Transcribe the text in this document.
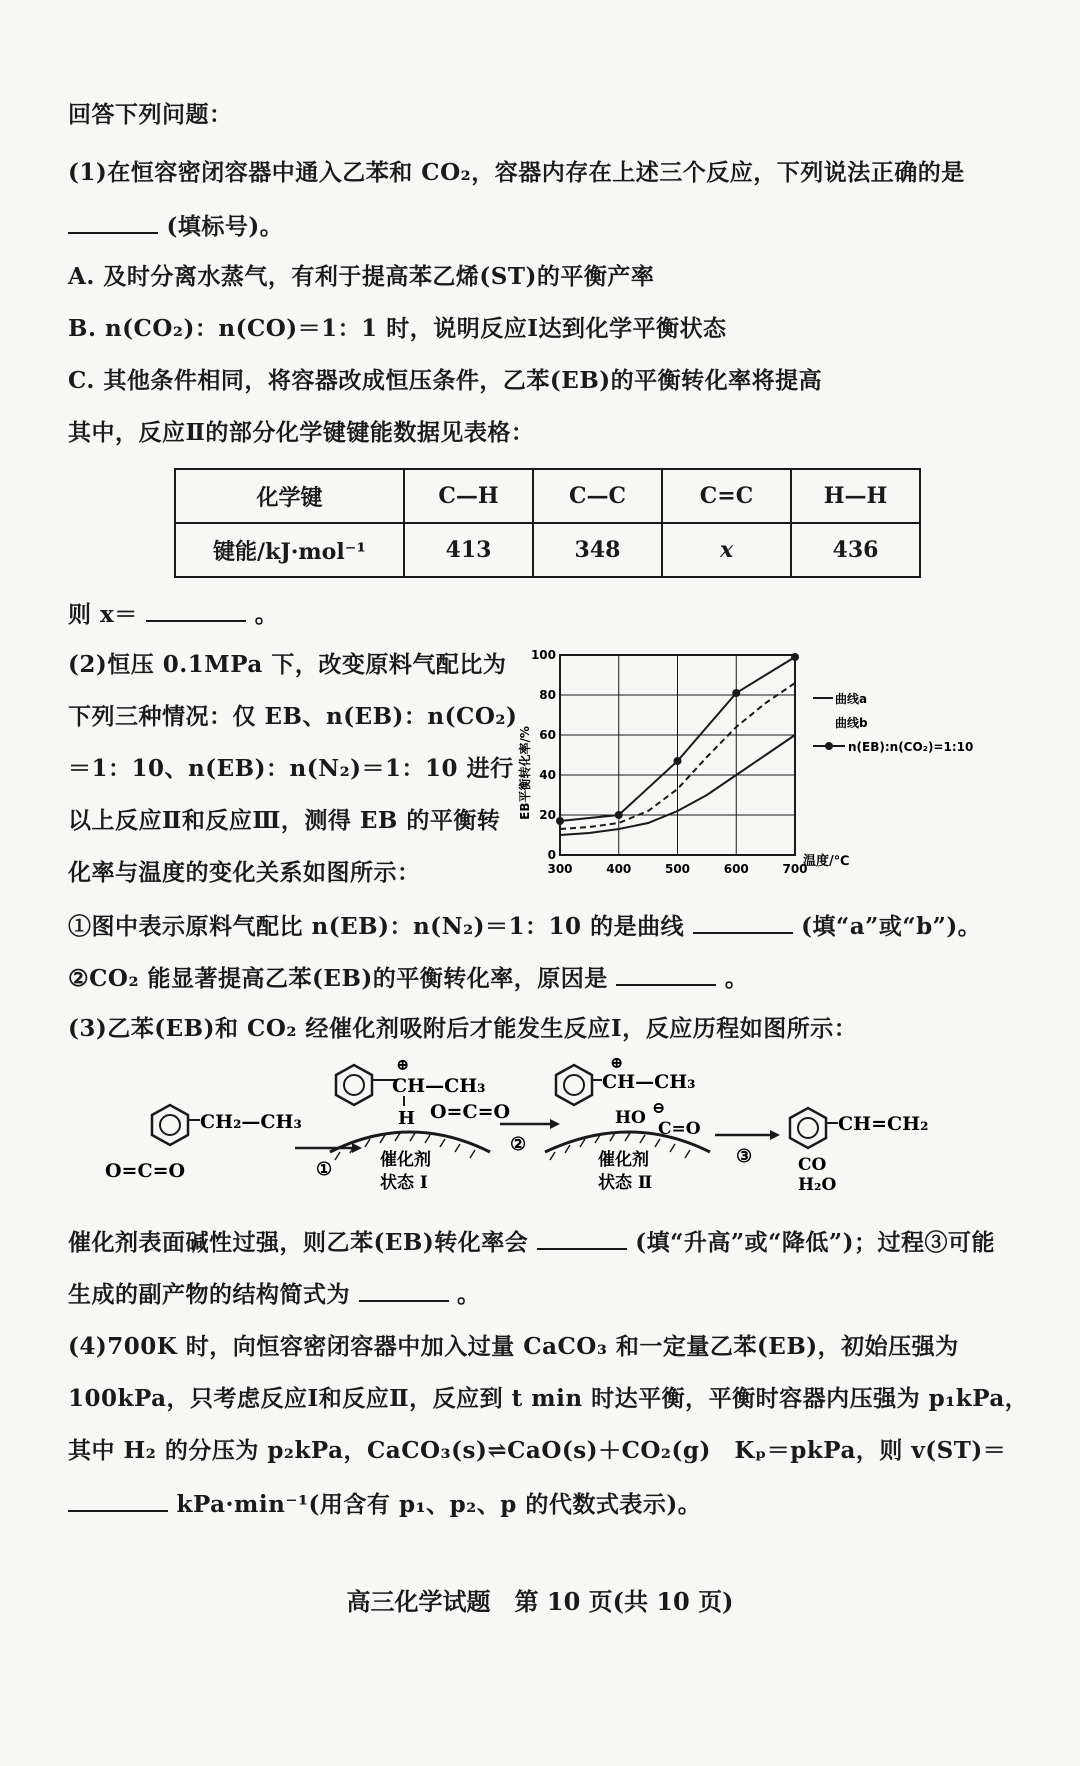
回答下列问题：
(1)在恒容密闭容器中通入乙苯和 CO₂，容器内存在上述三个反应，下列说法正确的是
(填标号)。
A. 及时分离水蒸气，有利于提高苯乙烯(ST)的平衡产率
B. n(CO₂)：n(CO)＝1：1 时，说明反应Ⅰ达到化学平衡状态
C. 其他条件相同，将容器改成恒压条件，乙苯(EB)的平衡转化率将提高
其中，反应Ⅱ的部分化学键键能数据见表格：
化学键	C—H	C—C	C=C	H—H
键能/kJ·mol⁻¹	413	348	x	436
则 x＝	。
(2)恒压 0.1MPa 下，改变原料气配比为
下列三种情况：仅 EB、n(EB)：n(CO₂)
＝1：10、n(EB)：n(N₂)＝1：10 进行
以上反应Ⅱ和反应Ⅲ，测得 EB 的平衡转
化率与温度的变化关系如图所示：	300	400	500	600	700
0
20
40
60
80
100
EB平衡转化率/%
温度/℃
曲线a
曲线b
n(EB):n(CO₂)=1:10
①图中表示原料气配比 n(EB)：n(N₂)＝1：10 的是曲线	(填“a”或“b”)。
②CO₂ 能显著提高乙苯(EB)的平衡转化率，原因是	。
(3)乙苯(EB)和 CO₂ 经催化剂吸附后才能发生反应Ⅰ，反应历程如图所示：
CH₂—CH₃
O=C=O	①
⊕
CH—CH₃
H O=C=O
催化剂
状态 Ⅰ
②
⊕
CH—CH₃
HO
⊖
C=O
催化剂
状态 Ⅱ
③
CH=CH₂
CO
H₂O
催化剂表面碱性过强，则乙苯(EB)转化率会	(填“升高”或“降低”)；过程③可能
生成的副产物的结构简式为	。
(4)700K 时，向恒容密闭容器中加入过量 CaCO₃ 和一定量乙苯(EB)，初始压强为
100kPa，只考虑反应Ⅰ和反应Ⅱ，反应到 t min 时达平衡，平衡时容器内压强为 p₁kPa，
其中 H₂ 的分压为 p₂kPa，CaCO₃(s)⇌CaO(s)＋CO₂(g)　Kₚ＝pkPa，则 v(ST)＝
kPa·min⁻¹(用含有 p₁、p₂、p 的代数式表示)。
高三化学试题　第 10 页(共 10 页)
